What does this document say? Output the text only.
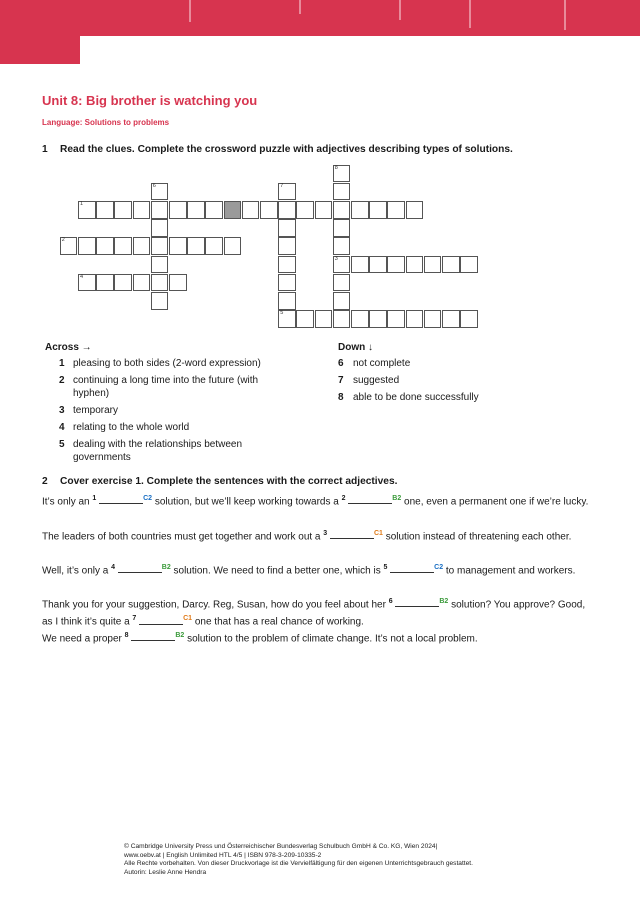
English Unlimited HTL 4/5
Unit 8: Big brother is watching you
Language: Solutions to problems
1 Read the clues. Complete the crossword puzzle with adjectives describing types of solutions.
1
2
3
4
5
6	7
8
Across →
1 pleasing to both sides (2-word expression)
2 continuing a long time into the future (with hyphen)
3 temporary
4 relating to the whole world
5 dealing with the relationships between governments
Down ↓
6 not complete
7 suggested
8 able to be done successfully
2 Cover exercise 1. Complete the sentences with the correct adjectives.
It’s only an $^1$	$^{C2}$ solution, but we’ll keep working towards a $^2$	$^{B2}$ one, even a permanent one if we’re lucky.
The leaders of both countries must get together and work out a $^3$	$^{C1}$ solution instead of threatening each other.
Well, it’s only a $^4$	$^{B2}$ solution. We need to find a better one, which is $^5$	$^{C2}$ to management and workers.
Thank you for your suggestion, Darcy. Reg, Susan, how do you feel about her $^6$	$^{B2}$ solution? You approve? Good, as I think it’s quite a $^7$	$^{C1}$ one that has a real chance of working.
We need a proper $^8$	$^{B2}$ solution to the problem of climate change. It’s not a local problem.
© Cambridge University Press und Österreichischer Bundesverlag Schulbuch GmbH & Co. KG, Wien 2024|
www.oebv.at | English Unlimited HTL 4/5 | ISBN 978-3-209-10335-2
Alle Rechte vorbehalten. Von dieser Druckvorlage ist die Vervielfältigung für den eigenen Unterrichtsgebrauch gestattet.
Autorin: Leslie Anne Hendra
